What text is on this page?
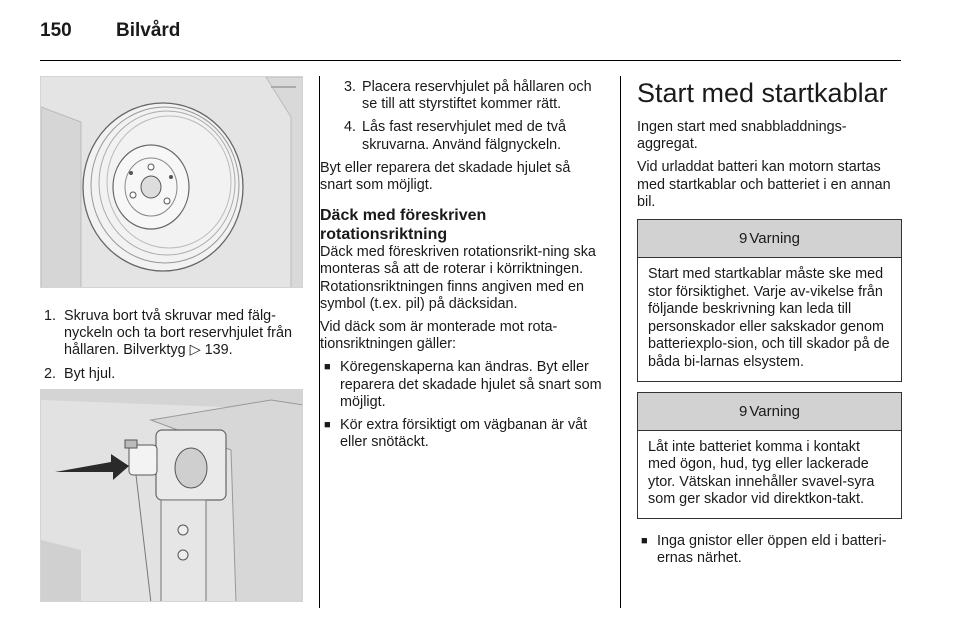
150 Bilvård
1. Skruva bort två skruvar med fälg-nyckeln och ta bort reservhjulet från hållaren. Bilverktyg ▷ 139.
2. Byt hjul.
3. Placera reservhjulet på hållaren och se till att styrstiftet kommer rätt.
4. Lås fast reservhjulet med de två skruvarna. Använd fälgnyckeln.

Byt eller reparera det skadade hjulet så snart som möjligt.

Däck med föreskriven rotationsriktning

Däck med föreskriven rotationsrikt-ning ska monteras så att de roterar i körriktningen. Rotationsriktningen finns angiven med en symbol (t.ex. pil) på däcksidan.

Vid däck som är monterade mot rota-tionsriktningen gäller:

■ Köregenskaperna kan ändras. Byt eller reparera det skadade hjulet så snart som möjligt.
■ Kör extra försiktigt om vägbanan är våt eller snötäckt.
Start med startkablar

Ingen start med snabbladdnings-aggregat.

Vid urladdat batteri kan motorn startas med startkablar och batteriet i en annan bil.

9 Varning
Start med startkablar måste ske med stor försiktighet. Varje av-vikelse från följande beskrivning kan leda till personskador eller sakskador genom batteriexplo-sion, och till skador på de båda bi-larnas elsystem.
9 Varning
Låt inte batteriet komma i kontakt med ögon, hud, tyg eller lackerade ytor. Vätskan innehåller svavel-syra som ger skador vid direktkon-takt.
■ Inga gnistor eller öppen eld i batteri-ernas närhet.
